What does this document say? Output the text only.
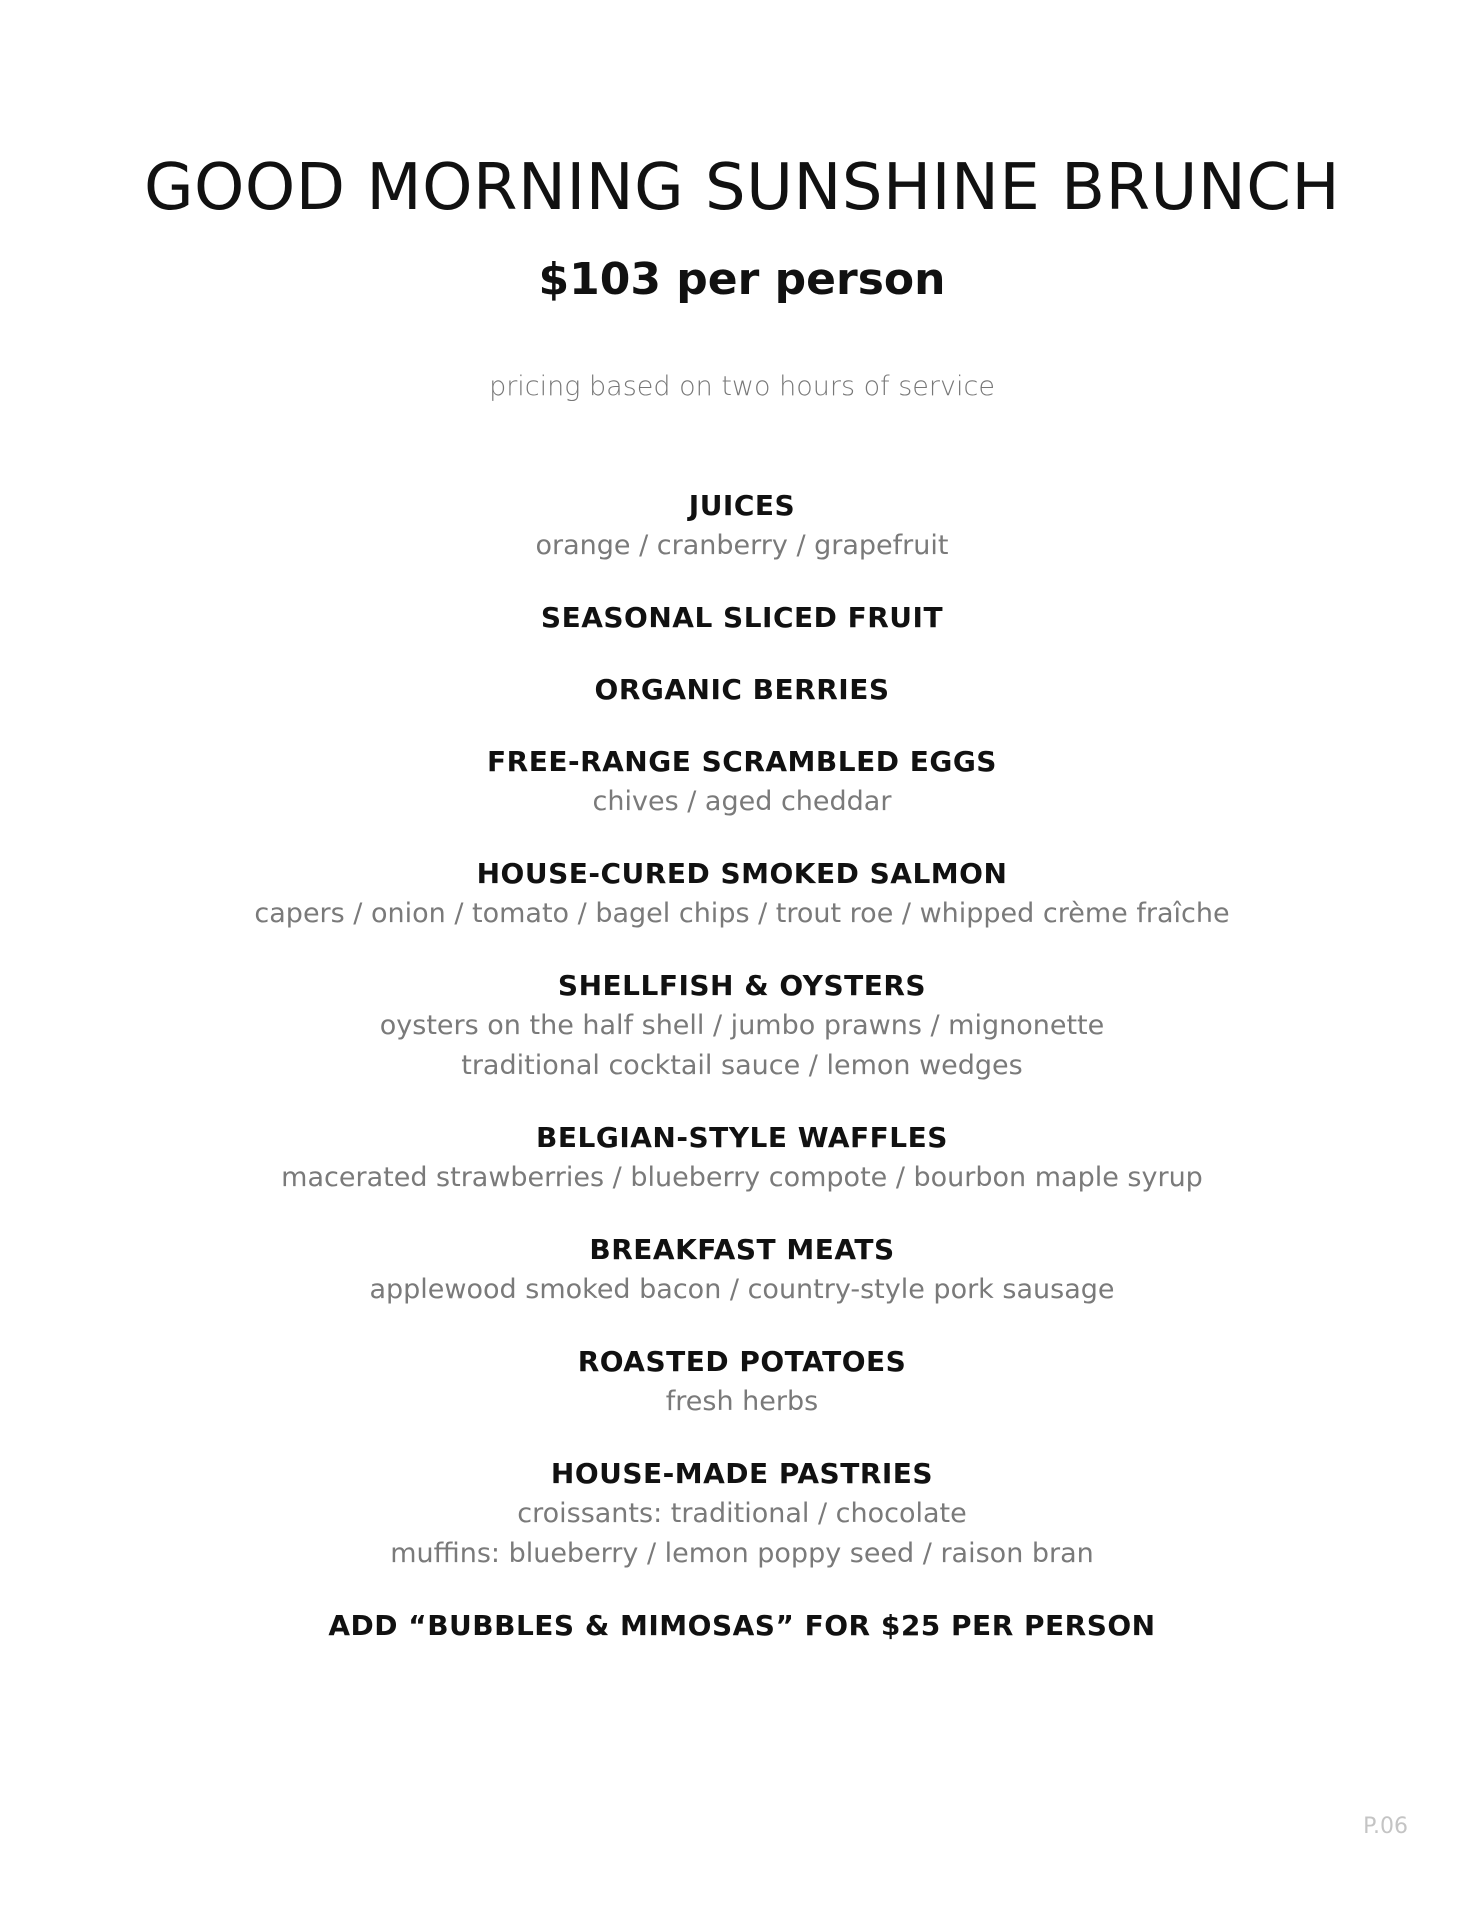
GOOD MORNING SUNSHINE BRUNCH
$103 per person
pricing based on two hours of service
JUICES
orange / cranberry / grapefruit
SEASONAL SLICED FRUIT
ORGANIC BERRIES
FREE-RANGE SCRAMBLED EGGS
chives / aged cheddar
HOUSE-CURED SMOKED SALMON
capers / onion / tomato / bagel chips / trout roe / whipped crème fraîche
SHELLFISH & OYSTERS
oysters on the half shell / jumbo prawns / mignonette
traditional cocktail sauce / lemon wedges
BELGIAN-STYLE WAFFLES
macerated strawberries / blueberry compote / bourbon maple syrup
BREAKFAST MEATS
applewood smoked bacon / country-style pork sausage
ROASTED POTATOES
fresh herbs
HOUSE-MADE PASTRIES
croissants: traditional / chocolate
muffins: blueberry / lemon poppy seed / raison bran
ADD “BUBBLES & MIMOSAS” FOR $25 PER PERSON
P.06
